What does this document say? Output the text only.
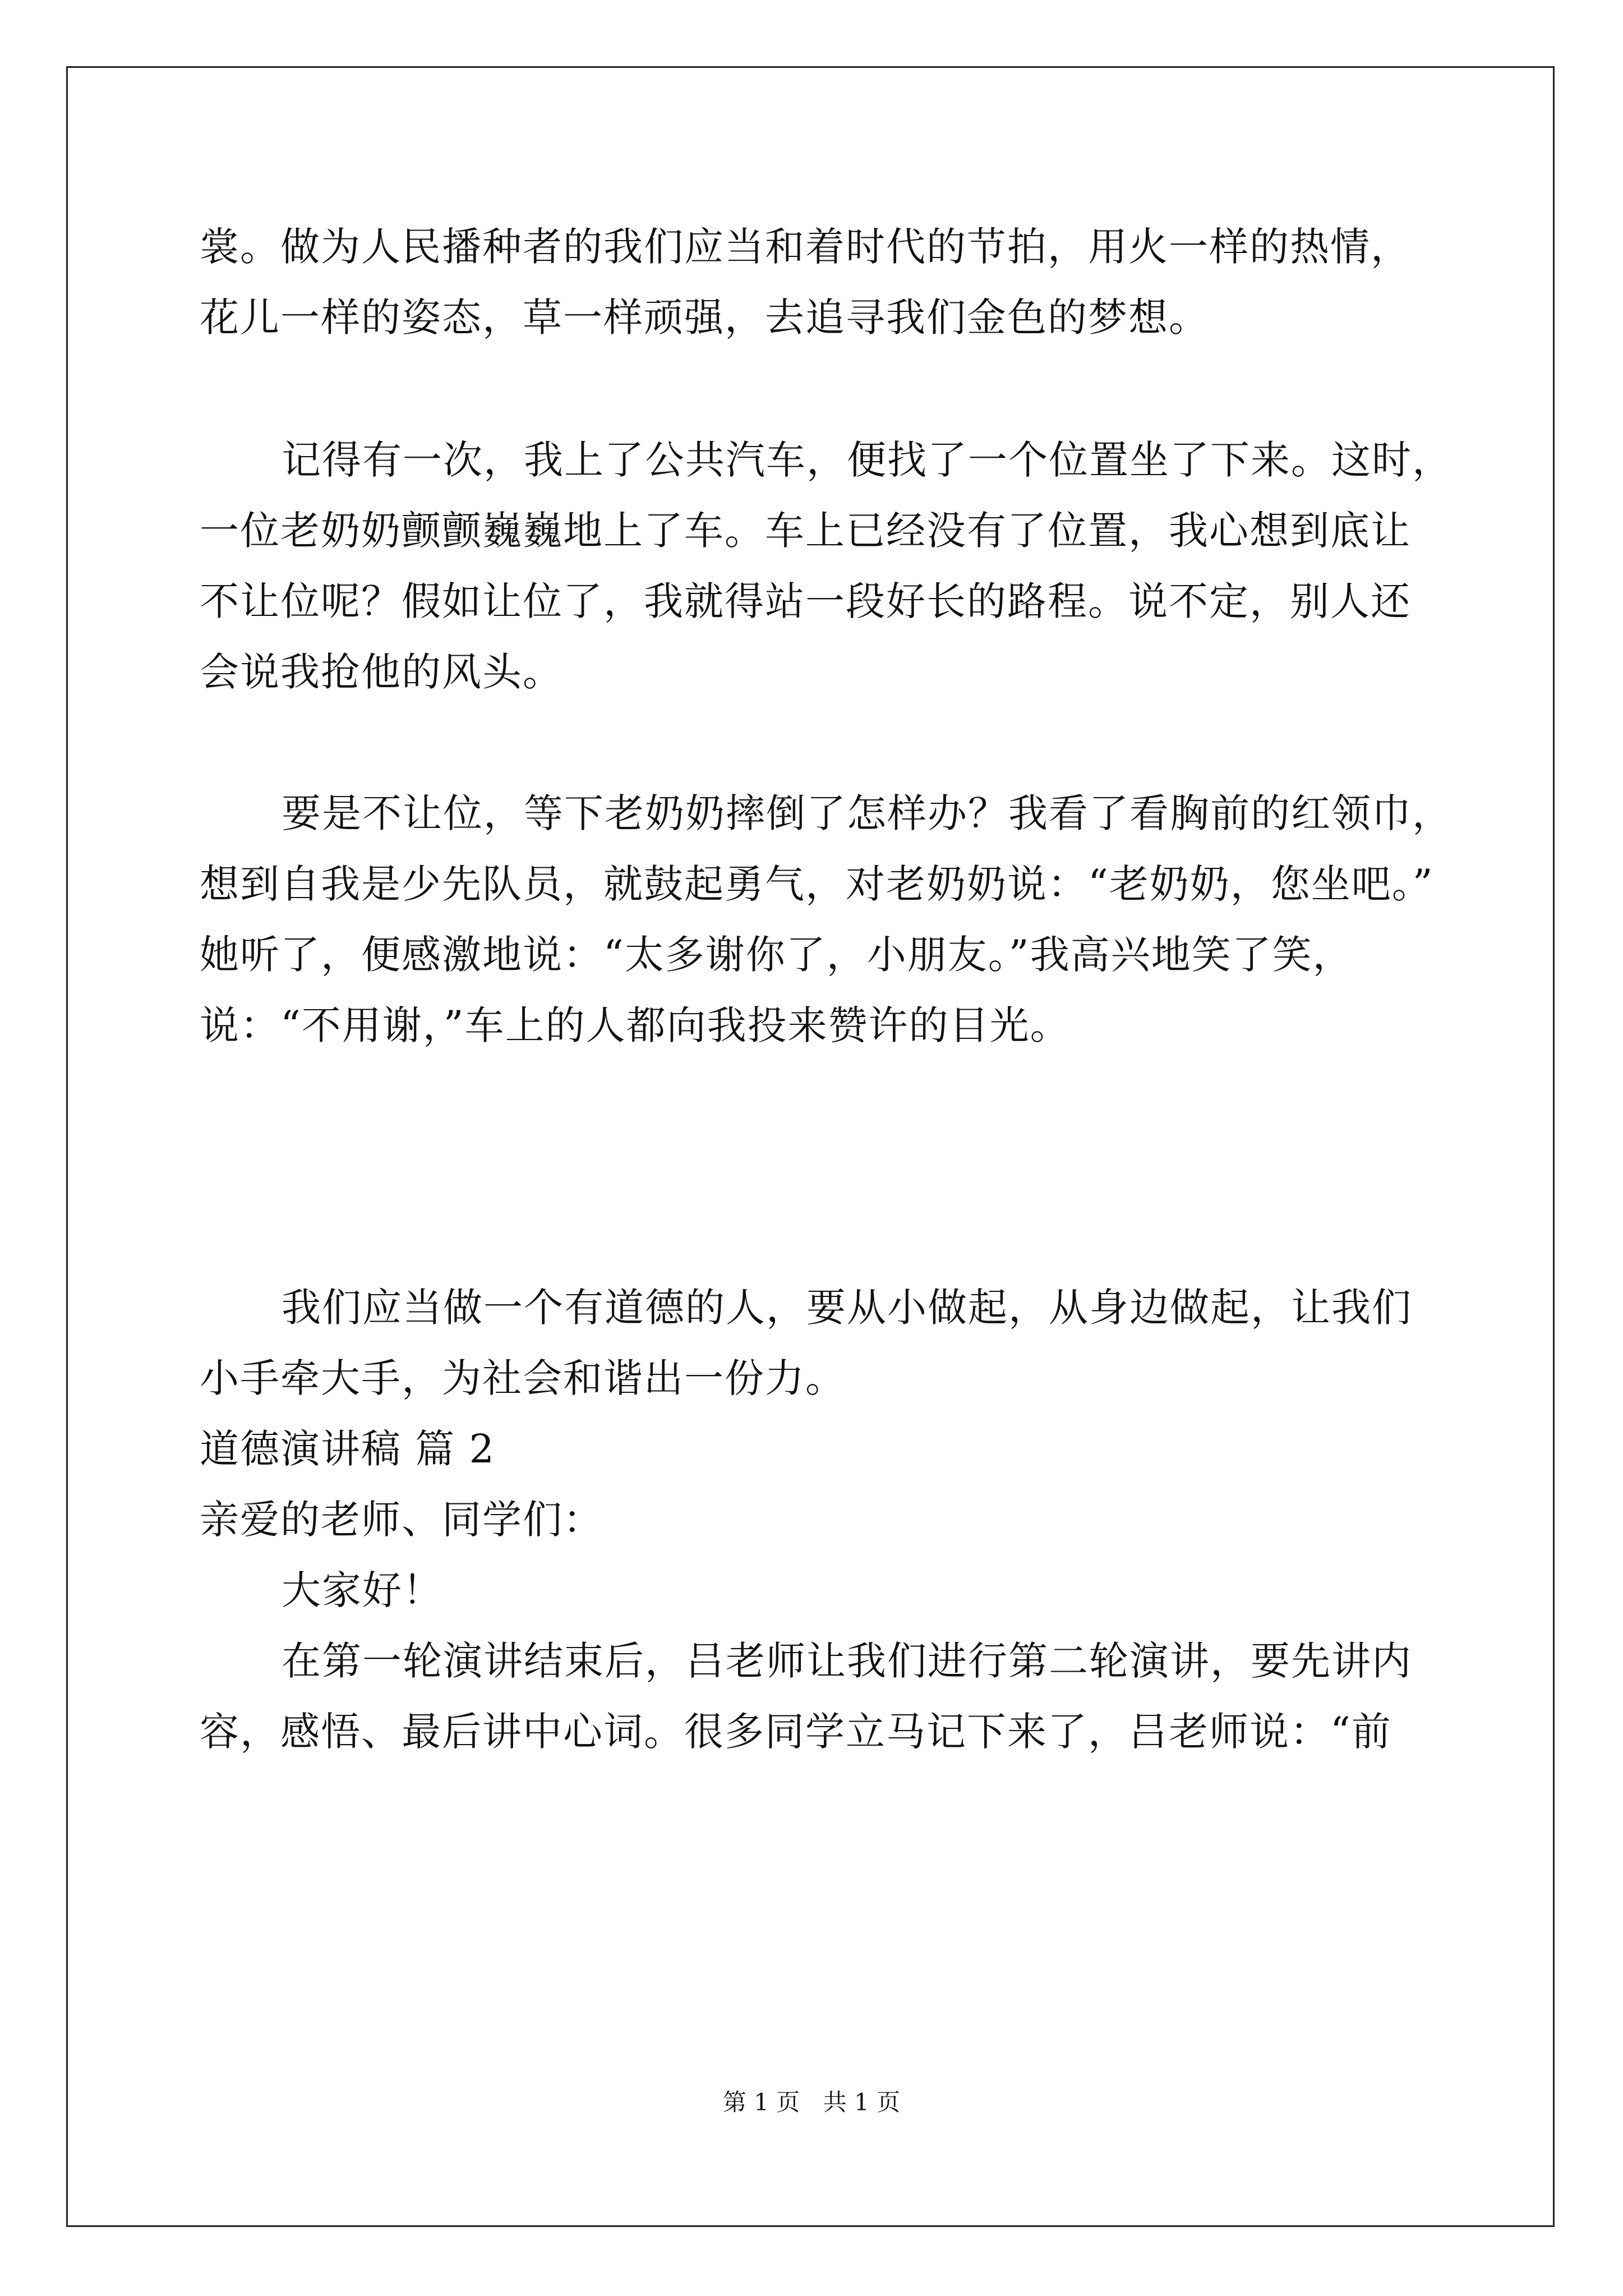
裳。做为人民播种者的我们应当和着时代的节拍，用火一样的热情，
花儿一样的姿态，草一样顽强，去追寻我们金色的梦想。
记得有一次，我上了公共汽车，便找了一个位置坐了下来。这时，
一位老奶奶颤颤巍巍地上了车。车上已经没有了位置，我心想到底让
不让位呢？假如让位了，我就得站一段好长的路程。说不定，别人还
会说我抢他的风头。
要是不让位，等下老奶奶摔倒了怎样办？我看了看胸前的红领巾，
想到自我是少先队员，就鼓起勇气，对老奶奶说：“老奶奶，您坐吧。”
她听了，便感激地说：“太多谢你了，小朋友。”我高兴地笑了笑，
说：“不用谢，”车上的人都向我投来赞许的目光。
我们应当做一个有道德的人，要从小做起，从身边做起，让我们
小手牵大手，为社会和谐出一份力。
道德演讲稿 篇 2
亲爱的老师、同学们：
大家好！
在第一轮演讲结束后，吕老师让我们进行第二轮演讲，要先讲内
容，感悟、最后讲中心词。很多同学立马记下来了，吕老师说：“前
第 1 页 共 1 页
